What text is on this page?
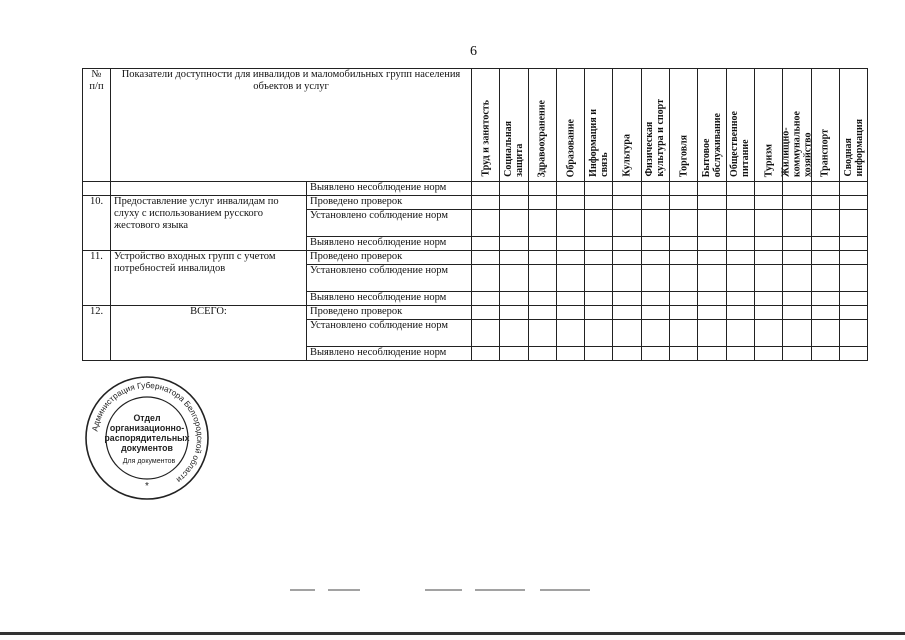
6
№
п/п	Показатели доступности для инвалидов и маломобильных групп населения объектов и услуг		Труд и занятость	Социальная
защита	Здравоохранение	Образование	Информация и
связь	Культура	Физическая
культура и спорт	Торговля	Бытовое
обслуживание	Общественное
питание	Туризм	Жилищно-
коммунальное
хозяйство	Транспорт	Сводная
информация

		Выявлено несоблюдение норм														
10.	Предоставление услуг инвалидам по слуху с использованием русского жестового языка	Проведено проверок														
		Установлено соблюдение норм														
		Выявлено несоблюдение норм														
11.	Устройство входных групп с учетом потребностей инвалидов	Проведено проверок														
		Установлено соблюдение норм														
		Выявлено несоблюдение норм														
12.	ВСЕГО:	Проведено проверок														
		Установлено соблюдение норм														
		Выявлено несоблюдение норм														
Администрация Губернатора Белгородской области
Отдел
организационно-
распорядительных
документов
Для документов
*
